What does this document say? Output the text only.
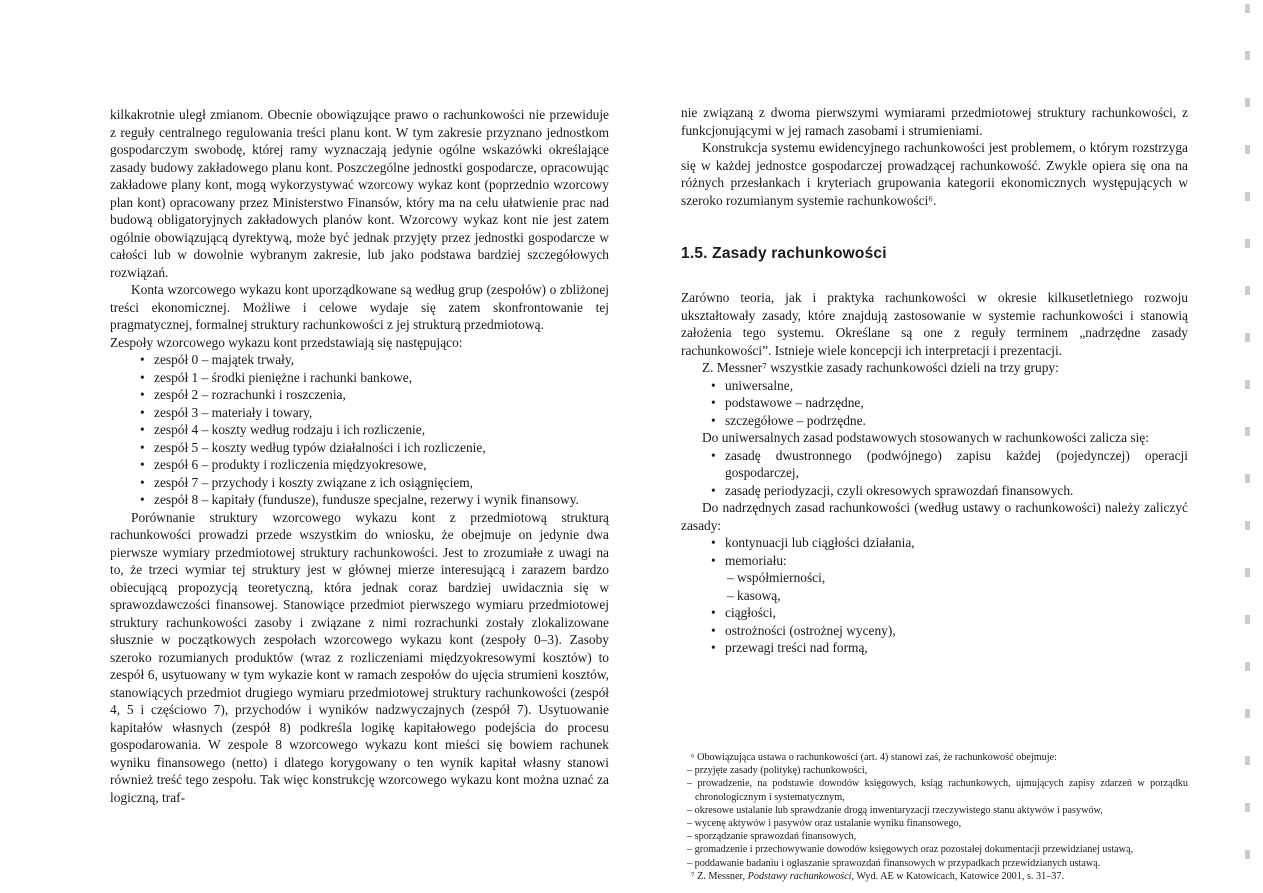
kilkakrotnie uległ zmianom. Obecnie obowiązujące prawo o rachunkowości nie przewiduje z reguły centralnego regulowania treści planu kont. W tym zakresie przyznano jednostkom gospodarczym swobodę, której ramy wyznaczają jedynie ogólne wskazówki określające zasady budowy zakładowego planu kont. Poszczególne jednostki gospodarcze, opracowując zakładowe plany kont, mogą wykorzystywać wzorcowy wykaz kont (poprzednio wzorcowy plan kont) opracowany przez Ministerstwo Finansów, który ma na celu ułatwienie prac nad budową obligatoryjnych zakładowych planów kont. Wzorcowy wykaz kont nie jest zatem ogólnie obowiązującą dyrektywą, może być jednak przyjęty przez jednostki gospodarcze w całości lub w dowolnie wybranym zakresie, lub jako podstawa bardziej szczegółowych rozwiązań.

Konta wzorcowego wykazu kont uporządkowane są według grup (zespołów) o zbliżonej treści ekonomicznej. Możliwe i celowe wydaje się zatem skonfrontowanie tej pragmatycznej, formalnej struktury rachunkowości z jej strukturą przedmiotową.

Zespoły wzorcowego wykazu kont przedstawiają się następująco:

• zespół 0 – majątek trwały,
• zespół 1 – środki pieniężne i rachunki bankowe,
• zespół 2 – rozrachunki i roszczenia,
• zespół 3 – materiały i towary,
• zespół 4 – koszty według rodzaju i ich rozliczenie,
• zespół 5 – koszty według typów działalności i ich rozliczenie,
• zespół 6 – produkty i rozliczenia międzyokresowe,
• zespół 7 – przychody i koszty związane z ich osiągnięciem,
• zespół 8 – kapitały (fundusze), fundusze specjalne, rezerwy i wynik finansowy.

Porównanie struktury wzorcowego wykazu kont z przedmiotową strukturą rachunkowości prowadzi przede wszystkim do wniosku, że obejmuje on jedynie dwa pierwsze wymiary przedmiotowej struktury rachunkowości. Jest to zrozumiałe z uwagi na to, że trzeci wymiar tej struktury jest w głównej mierze interesującą i zarazem bardzo obiecującą propozycją teoretyczną, która jednak coraz bardziej uwidacznia się w sprawozdawczości finansowej. Stanowiące przedmiot pierwszego wymiaru przedmiotowej struktury rachunkowości zasoby i związane z nimi rozrachunki zostały zlokalizowane słusznie w początkowych zespołach wzorcowego wykazu kont (zespoły 0–3). Zasoby szeroko rozumianych produktów (wraz z rozliczeniami międzyokresowymi kosztów) to zespół 6, usytuowany w tym wykazie kont w ramach zespołów do ujęcia strumieni kosztów, stanowiących przedmiot drugiego wymiaru przedmiotowej struktury rachunkowości (zespół 4, 5 i częściowo 7), przychodów i wyników nadzwyczajnych (zespół 7). Usytuowanie kapitałów własnych (zespół 8) podkreśla logikę kapitałowego podejścia do procesu gospodarowania. W zespole 8 wzorcowego wykazu kont mieści się bowiem rachunek wyniku finansowego (netto) i dlatego korygowany o ten wynik kapitał własny stanowi również treść tego zespołu. Tak więc konstrukcję wzorcowego wykazu kont można uznać za logiczną, traf-

nie związaną z dwoma pierwszymi wymiarami przedmiotowej struktury rachunkowości, z funkcjonującymi w jej ramach zasobami i strumieniami.

Konstrukcja systemu ewidencyjnego rachunkowości jest problemem, o którym rozstrzyga się w każdej jednostce gospodarczej prowadzącej rachunkowość. Zwykle opiera się ona na różnych przesłankach i kryteriach grupowania kategorii ekonomicznych występujących w szeroko rozumianym systemie rachunkowości⁶.

1.5. Zasady rachunkowości

Zarówno teoria, jak i praktyka rachunkowości w okresie kilkusetletniego rozwoju ukształtowały zasady, które znajdują zastosowanie w systemie rachunkowości i stanowią założenia tego systemu. Określane są one z reguły terminem „nadrzędne zasady rachunkowości”. Istnieje wiele koncepcji ich interpretacji i prezentacji.

Z. Messner⁷ wszystkie zasady rachunkowości dzieli na trzy grupy:

• uniwersalne,
• podstawowe – nadrzędne,
• szczegółowe – podrzędne.

Do uniwersalnych zasad podstawowych stosowanych w rachunkowości zalicza się:

• zasadę dwustronnego (podwójnego) zapisu każdej (pojedynczej) operacji gospodarczej,
• zasadę periodyzacji, czyli okresowych sprawozdań finansowych.

Do nadrzędnych zasad rachunkowości (według ustawy o rachunkowości) należy zaliczyć zasady:

• kontynuacji lub ciągłości działania,
• memoriału:
– współmierności,
– kasową,
• ciągłości,
• ostrożności (ostrożnej wyceny),
• przewagi treści nad formą,

⁶ Obowiązująca ustawa o rachunkowości (art. 4) stanowi zaś, że rachunkowość obejmuje:

– przyjęte zasady (politykę) rachunkowości,

– prowadzenie, na podstawie dowodów księgowych, ksiąg rachunkowych, ujmujących zapisy zdarzeń w porządku chronologicznym i systematycznym,

– okresowe ustalanie lub sprawdzanie drogą inwentaryzacji rzeczywistego stanu aktywów i pasywów,

– wycenę aktywów i pasywów oraz ustalanie wyniku finansowego,

– sporządzanie sprawozdań finansowych,

– gromadzenie i przechowywanie dowodów księgowych oraz pozostałej dokumentacji przewidzianej ustawą,

– poddawanie badaniu i ogłaszanie sprawozdań finansowych w przypadkach przewidzianych ustawą.

⁷ Z. Messner, Podstawy rachunkowości, Wyd. AE w Katowicach, Katowice 2001, s. 31–37.
